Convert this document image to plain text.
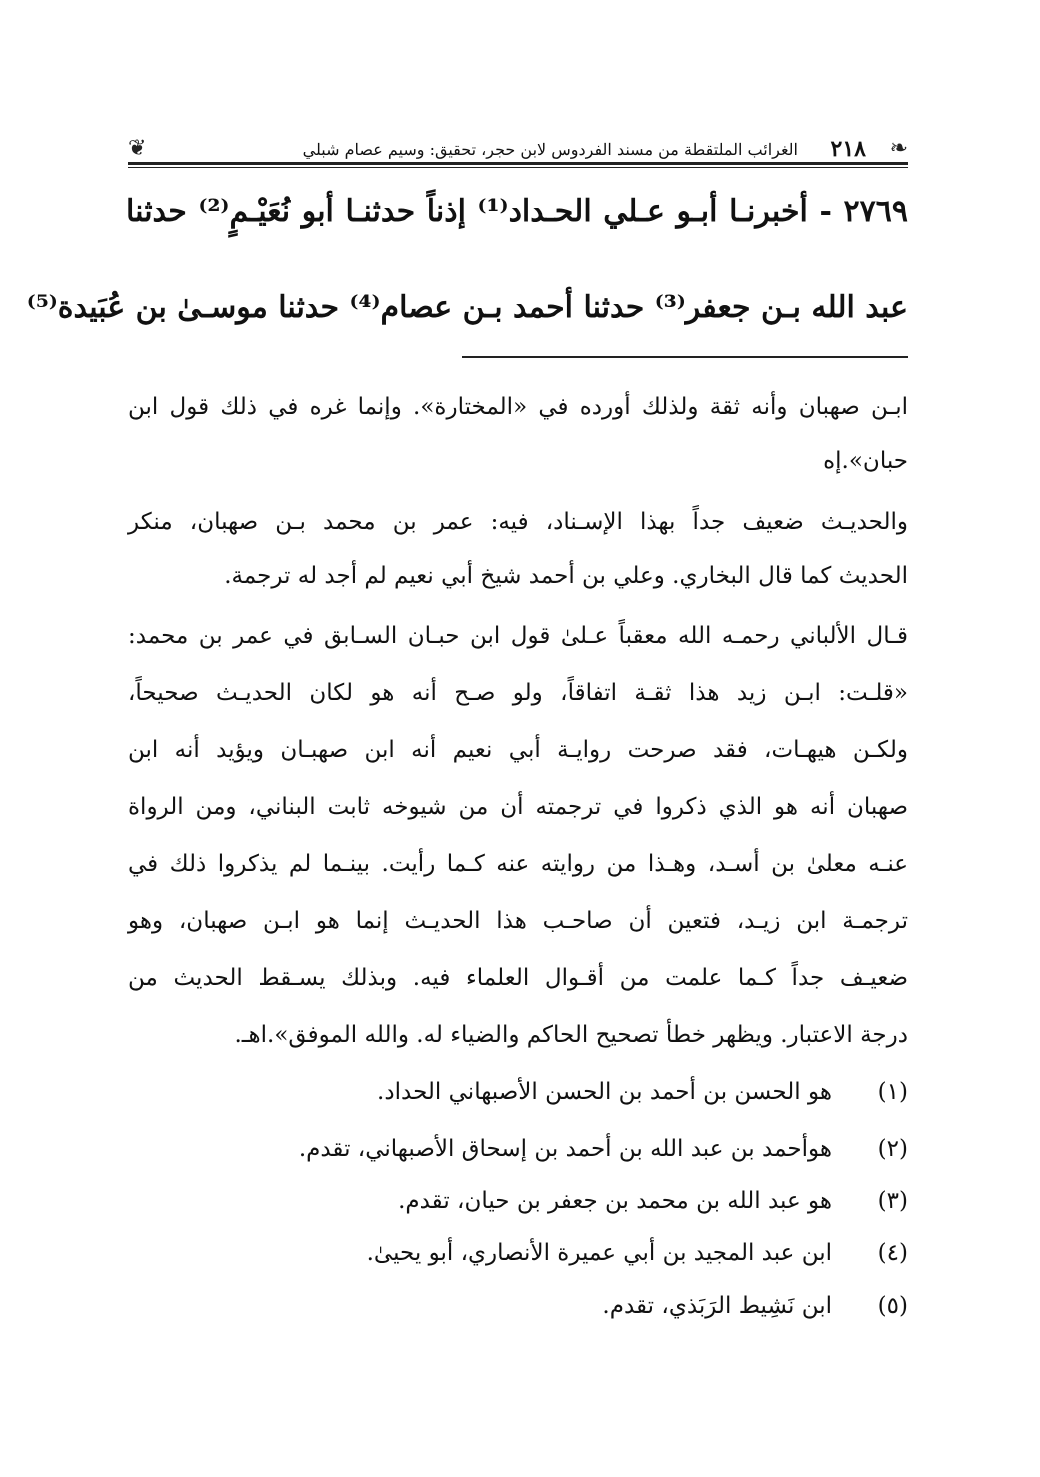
❦	الغرائب الملتقطة من مسند الفردوس لابن حجر، تحقيق: وسيم عصام شبلي ٢١٨ ❧
٢٧٦٩ - أخبرنـا أبـو عـلي الحـداد⁽¹⁾ إذناً حدثنـا أبو نُعَيْـمٍ⁽²⁾ حدثنا
عبد الله بـن جعفر⁽³⁾ حدثنا أحمد بـن عصام⁽⁴⁾ حدثنا موسـىٰ بن عُبَيدة⁽⁵⁾
ابـن صهبان وأنه ثقة ولذلك أورده في «المختارة». وإنما غره في ذلك قول ابن
حبان».إه
والحديـث ضعيف جداً بهذا الإسـناد، فيه: عمر بن محمد بـن صهبان، منكر
الحديث كما قال البخاري. وعلي بن أحمد شيخ أبي نعيم لم أجد له ترجمة.
قـال الألباني رحمـه الله معقباً عـلىٰ قول ابن حبـان السـابق في عمر بن محمد:
«قلـت: ابـن زيد هذا ثقـة اتفاقاً، ولو صـح أنه هو لكان الحديـث صحيحاً،
ولكـن هيهـات، فقد صرحت روايـة أبي نعيم أنه ابن صهبـان ويؤيد أنه ابن
صهبان أنه هو الذي ذكروا في ترجمته أن من شيوخه ثابت البناني، ومن الرواة
عنـه معلىٰ بن أسـد، وهـذا من روايته عنه كـما رأيت. بينـما لم يذكروا ذلك في
ترجمـة ابن زيـد، فتعين أن صاحـب هذا الحديـث إنما هو ابـن صهبان، وهو
ضعيـف جداً كـما علمت من أقـوال العلماء فيه. وبذلك يسـقط الحديث من
درجة الاعتبار. ويظهر خطأ تصحيح الحاكم والضياء له. والله الموفق».اهـ.
(١)هو الحسن بن أحمد بن الحسن الأصبهاني الحداد.
(٢)هوأحمد بن عبد الله بن أحمد بن إسحاق الأصبهاني، تقدم.
(٣)هو عبد الله بن محمد بن جعفر بن حيان، تقدم.
(٤)ابن عبد المجيد بن أبي عميرة الأنصاري، أبو يحيىٰ.
(٥)ابن نَشِيط الرَبَذي، تقدم.
